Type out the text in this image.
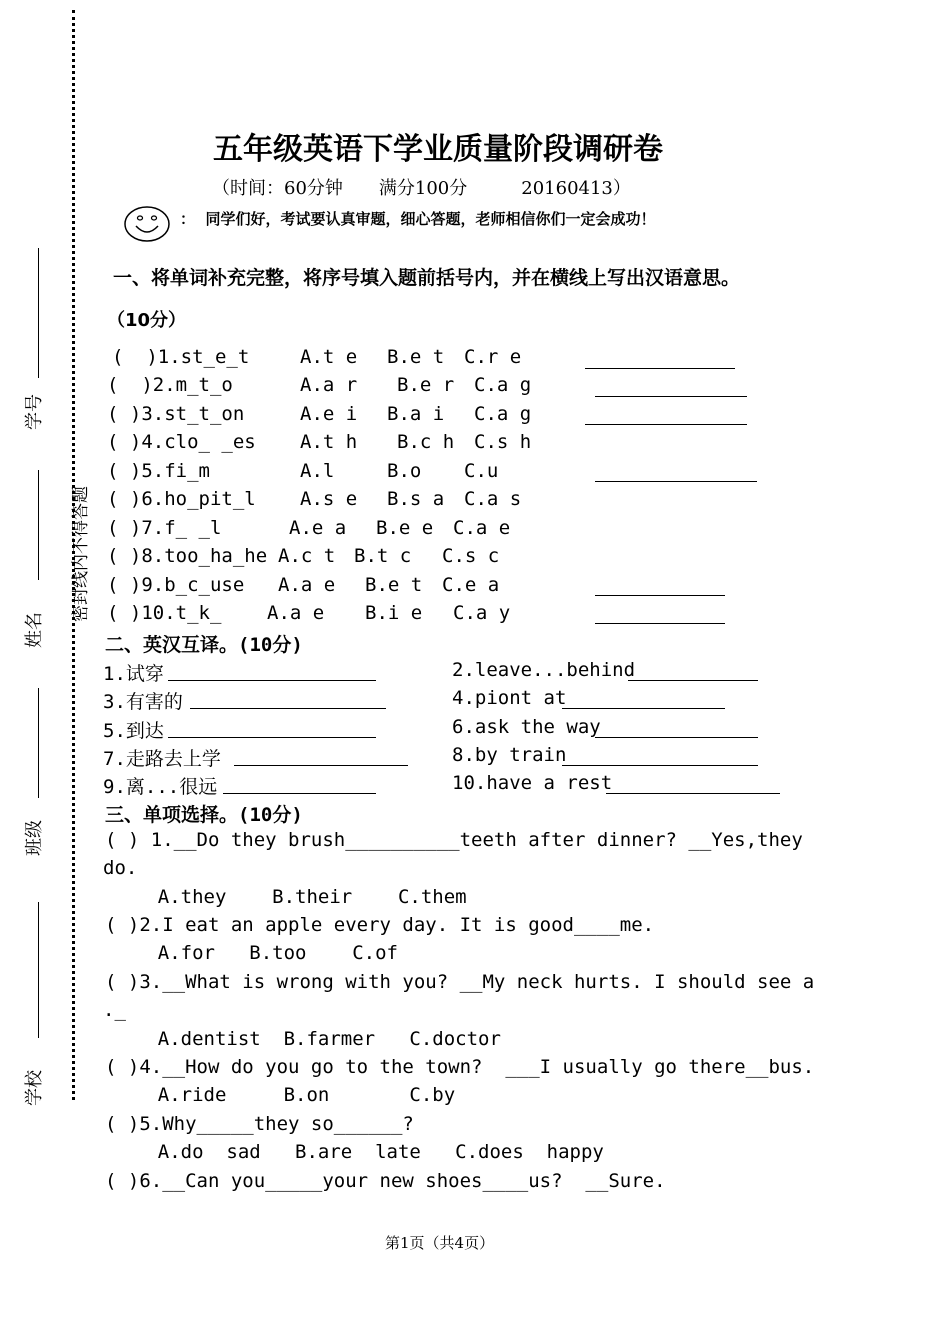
密封线内不得答题
学号
姓名
班级
学校
五年级英语下学业质量阶段调研卷
（时间：60分钟　　满分100分　　　20160413）
：  同学们好，考试要认真审题，细心答题，老师相信你们一定会成功！
一、将单词补充完整，将序号填入题前括号内，并在横线上写出汉语意思。
（10分）
(  )1.st_e_t	A.t e B.e t C.r e
(  )2.m_t_o	A.a r B.e r C.a g
( )3.st_t_on	A.e i B.a i C.a g
( )4.clo_ _es A.t h B.c h C.s h
( )5.fi_m	A.l	B.o C.u
( )6.ho_pit_l A.s e B.s a C.a s
( )7.f_ _l	A.e a B.e e C.a e
( )8.too_ha_he A.c t B.t c C.s c
( )9.b_c_use A.a e B.e t C.e a
( )10.t_k_ A.a e B.i e C.a y
二、英汉互译。(10分)
1.试穿	2.leave...behind
3.有害的	4.piont at
5.到达	6.ask the way
7.走路去上学	8.by train
9.离...很远	10.have a rest
三、单项选择。(10分)
( ) 1.__Do they brush__________teeth after dinner? __Yes,they
do.
A.they    B.their    C.them
( )2.I eat an apple every day. It is good____me.
A.for   B.too    C.of
( )3.__What is wrong with you? __My neck hurts. I should see a
._
A.dentist  B.farmer   C.doctor
( )4.__How do you go to the town?  ___I usually go there__bus.
A.ride     B.on       C.by
( )5.Why_____they so______?
A.do  sad   B.are  late   C.does  happy
( )6.__Can you_____your new shoes____us?  __Sure.
第1页（共4页）
